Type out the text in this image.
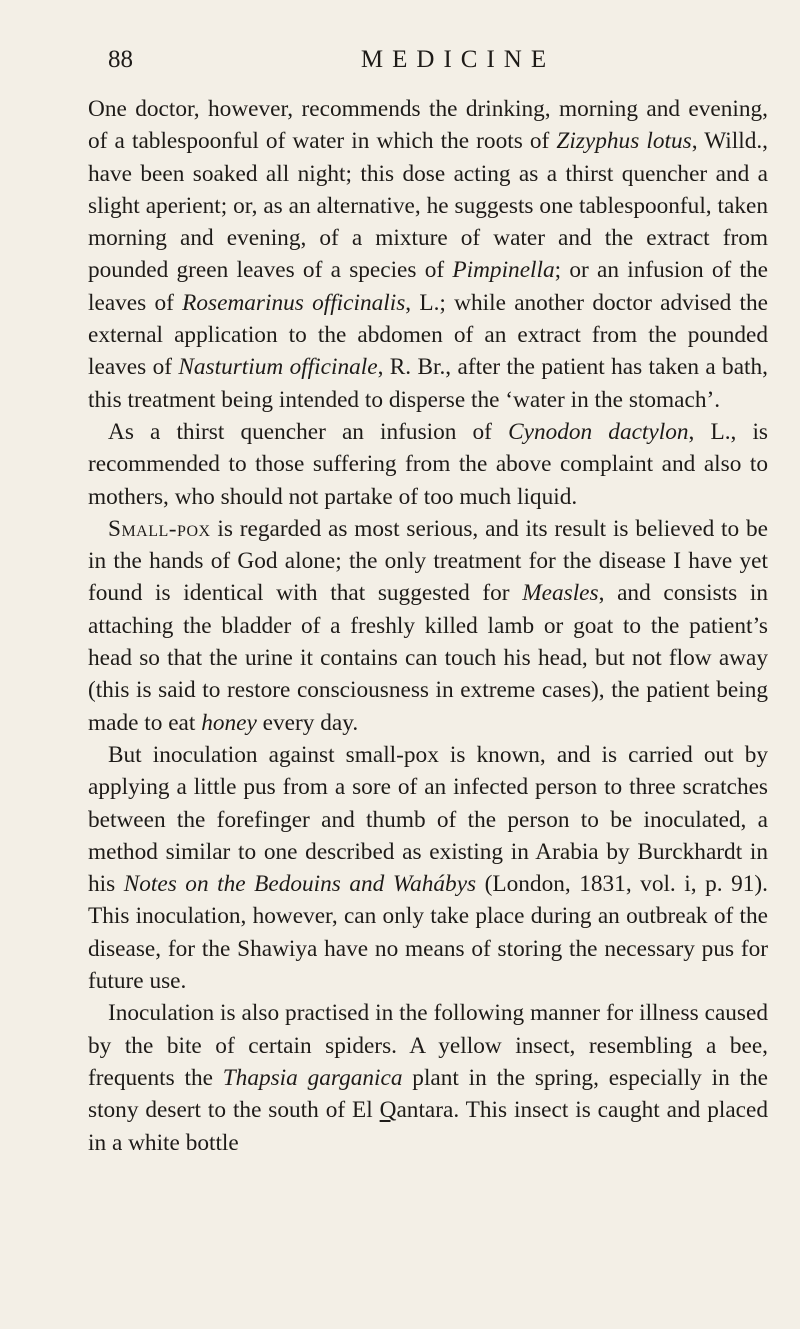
88	MEDICINE

One doctor, however, recommends the drinking, morning and evening, of a tablespoonful of water in which the roots of Zizyphus lotus, Willd., have been soaked all night; this dose acting as a thirst quencher and a slight aperient; or, as an alternative, he suggests one tablespoonful, taken morning and evening, of a mixture of water and the extract from pounded green leaves of a species of Pimpinella; or an infusion of the leaves of Rosemarinus officinalis, L.; while another doctor advised the external application to the abdomen of an extract from the pounded leaves of Nasturtium officinale, R. Br., after the patient has taken a bath, this treatment being intended to disperse the ‘water in the stomach’.

As a thirst quencher an infusion of Cynodon dactylon, L., is recommended to those suffering from the above complaint and also to mothers, who should not partake of too much liquid.

Small-pox is regarded as most serious, and its result is believed to be in the hands of God alone; the only treatment for the disease I have yet found is identical with that suggested for Measles, and consists in attaching the bladder of a freshly killed lamb or goat to the patient’s head so that the urine it contains can touch his head, but not flow away (this is said to restore consciousness in extreme cases), the patient being made to eat honey every day.

But inoculation against small-pox is known, and is carried out by applying a little pus from a sore of an infected person to three scratches between the forefinger and thumb of the person to be inoculated, a method similar to one described as existing in Arabia by Burckhardt in his Notes on the Bedouins and Wahábys (London, 1831, vol. i, p. 91). This inoculation, however, can only take place during an outbreak of the disease, for the Shawiya have no means of storing the necessary pus for future use.

Inoculation is also practised in the following manner for illness caused by the bite of certain spiders. A yellow insect, resembling a bee, frequents the Thapsia garganica plant in the spring, especially in the stony desert to the south of El Qantara. This insect is caught and placed in a white bottle
